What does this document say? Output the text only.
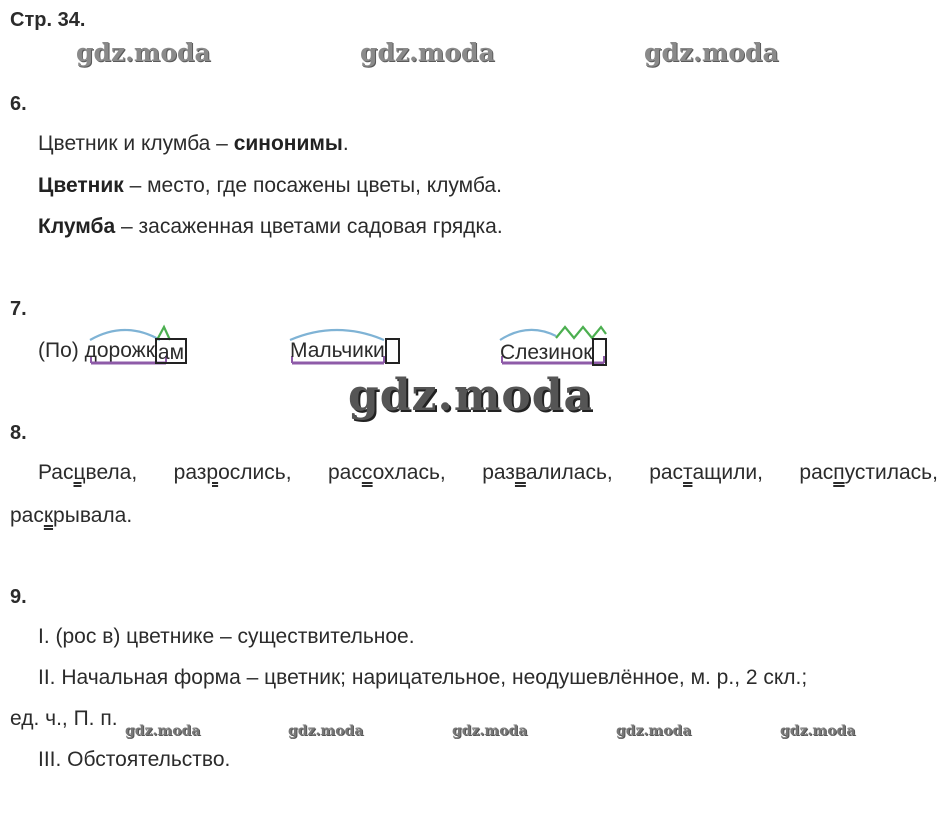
Стр. 34.
gdz.moda	gdz.moda	gdz.moda
6.
Цветник и клумба – синонимы.
Цветник – место, где посажены цветы, клумба.
Клумба – засаженная цветами садовая грядка.
7.
(По) дорожк ам	Мальчики	Слезинок
gdz.moda
8.
Расцвела, разрослись, рассохлась, развалилась, растащили, распустилась,
раскрывала.
9.
I. (рос в) цветнике – существительное.
II. Начальная форма – цветник; нарицательное, неодушевлённое, м. р., 2 скл.;
ед. ч., П. п.
III. Обстоятельство.
gdz.moda	gdz.moda	gdz.moda	gdz.moda	gdz.moda
